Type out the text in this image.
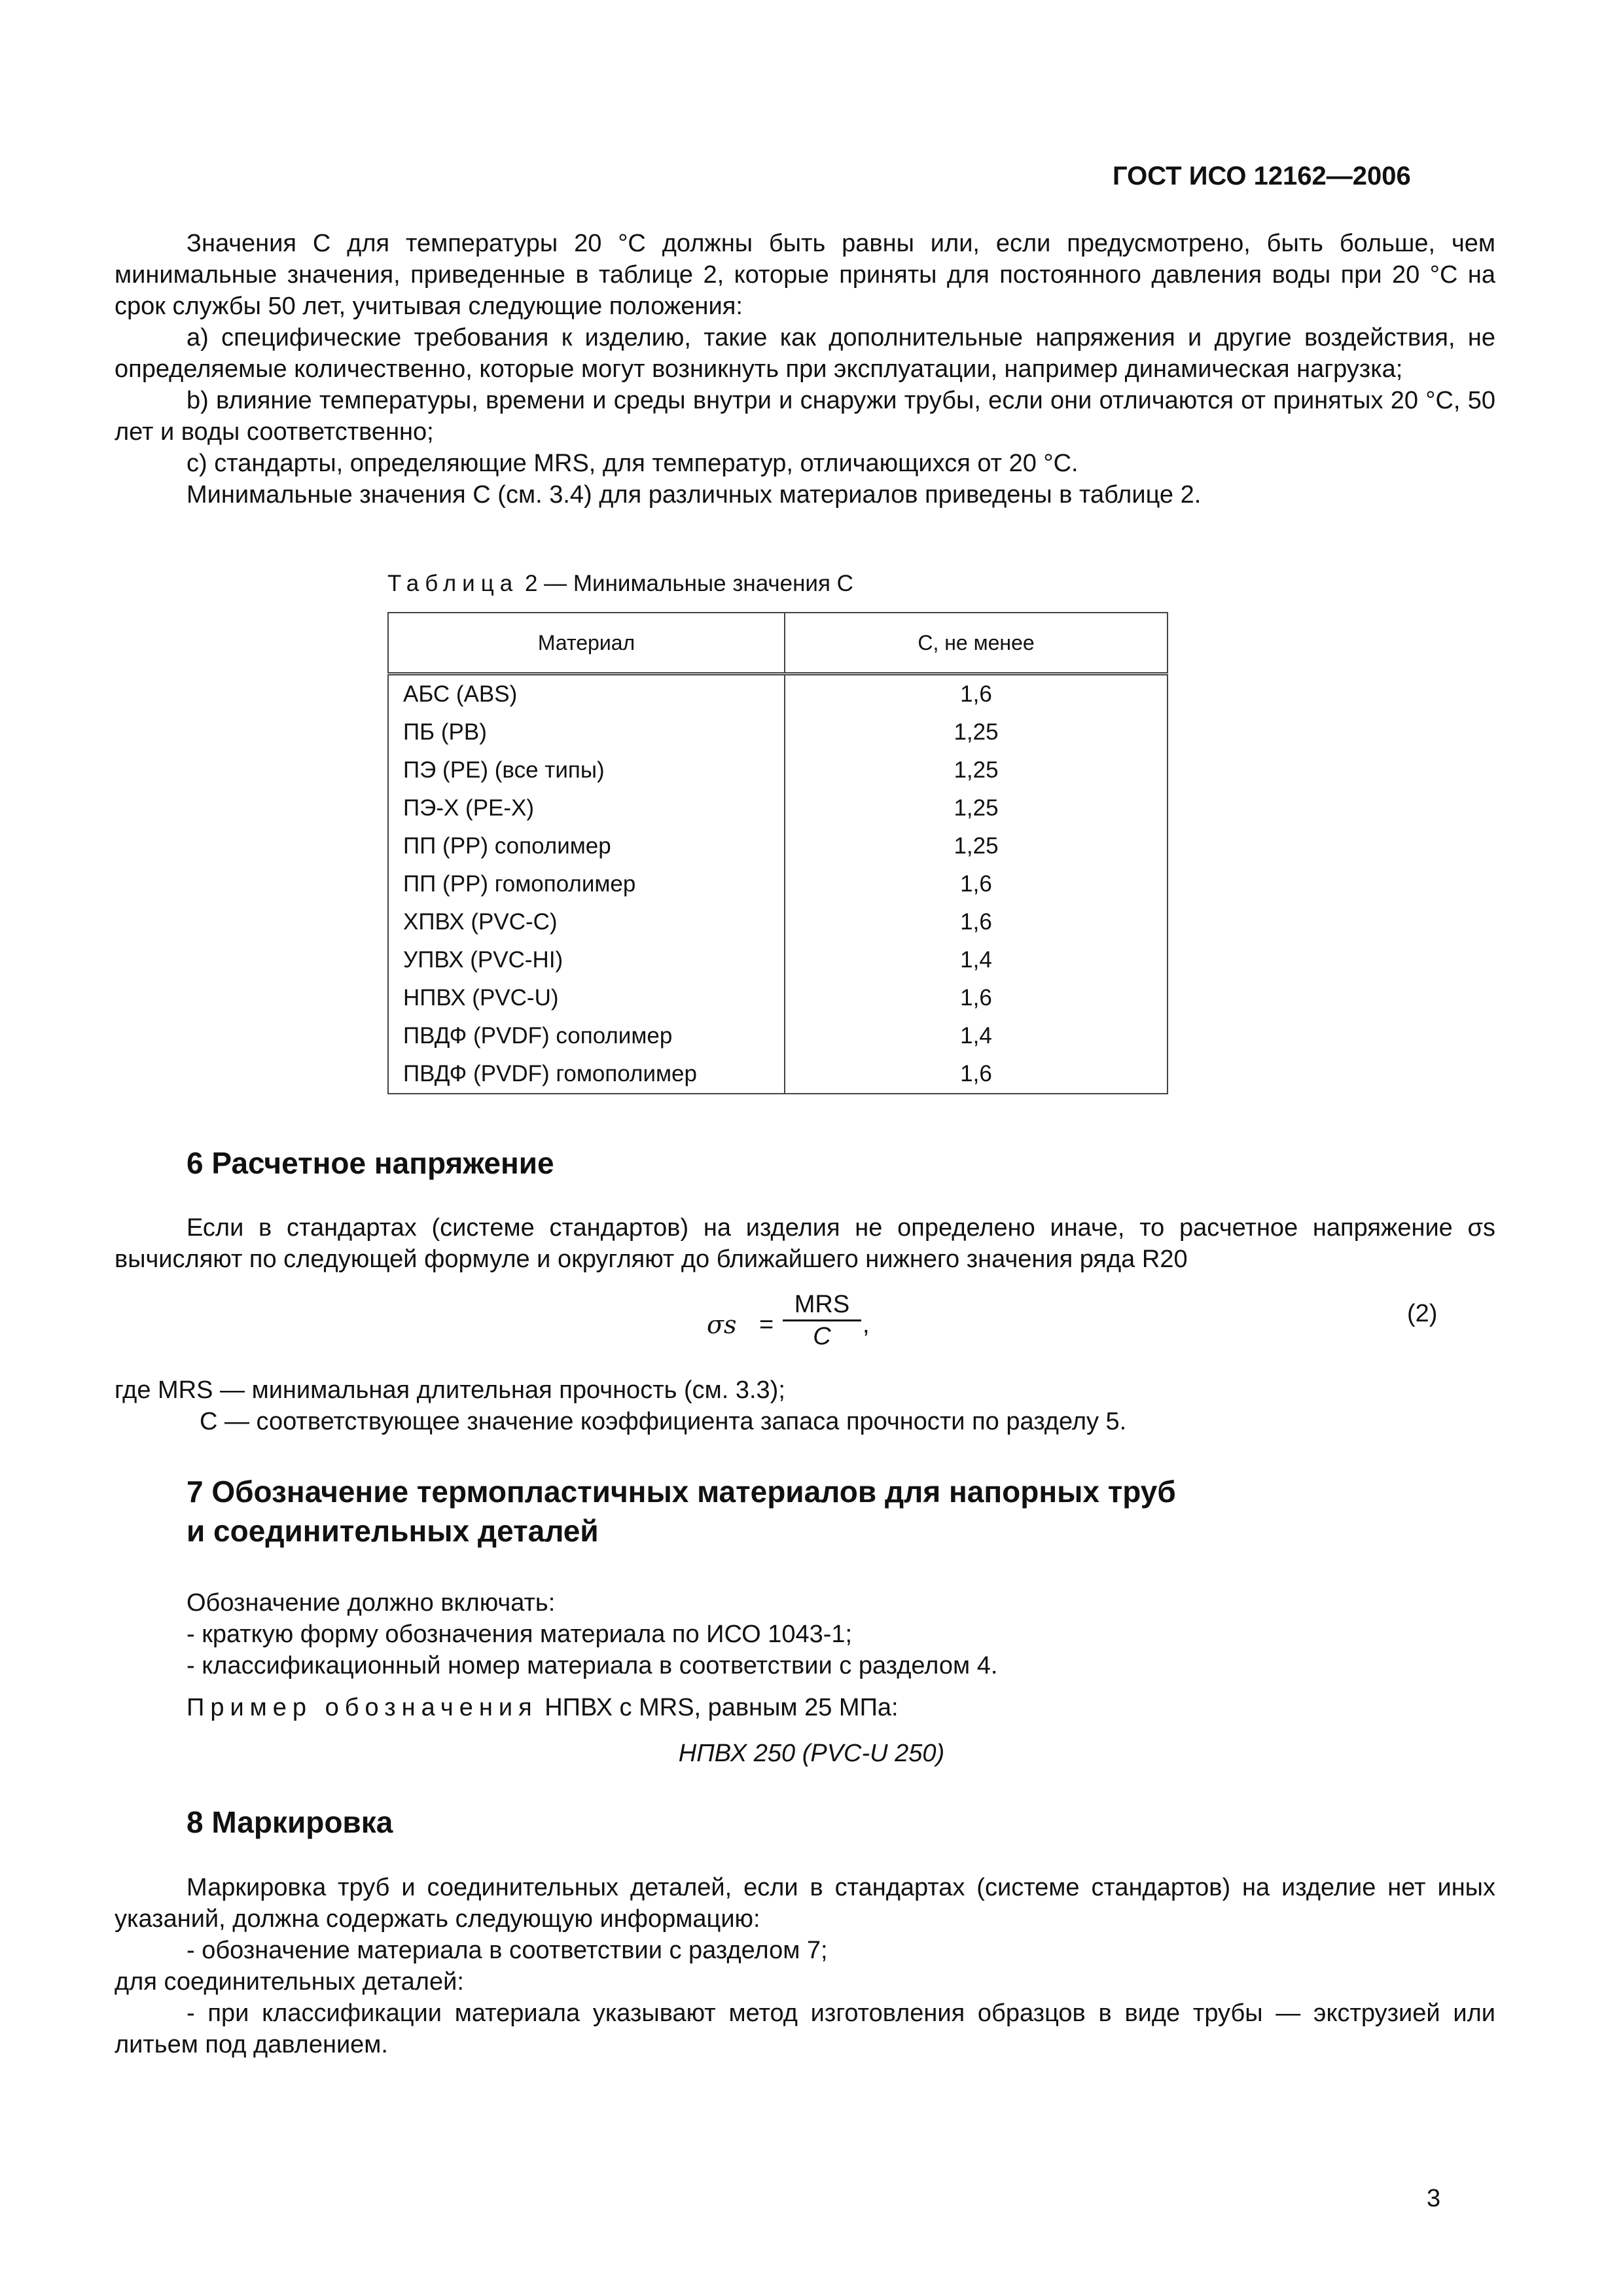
ГОСТ ИСО 12162—2006

Значения C для температуры 20 °C должны быть равны или, если предусмотрено, быть больше, чем минимальные значения, приведенные в таблице 2, которые приняты для постоянного давления воды при 20 °C на срок службы 50 лет, учитывая следующие положения:

a) специфические требования к изделию, такие как дополнительные напряжения и другие воздействия, не определяемые количественно, которые могут возникнуть при эксплуатации, например динамическая нагрузка;

b) влияние температуры, времени и среды внутри и снаружи трубы, если они отличаются от принятых 20 °C, 50 лет и воды соответственно;

c) стандарты, определяющие MRS, для температур, отличающихся от 20 °C.

Минимальные значения C (см. 3.4) для различных материалов приведены в таблице 2.

Таблица 2 — Минимальные значения C
Материал	C, не менее
АБС (ABS)	1,6
ПБ (PB)	1,25
ПЭ (PE) (все типы)	1,25
ПЭ-X (PE-X)	1,25
ПП (PP) сополимер	1,25
ПП (PP) гомополимер	1,6
ХПВХ (PVC-C)	1,6
УПВХ (PVC-HI)	1,4
НПВХ (PVC-U)	1,6
ПВДФ (PVDF) сополимер	1,4
ПВДФ (PVDF) гомополимер	1,6
6 Расчетное напряжение

Если в стандартах (системе стандартов) на изделия не определено иначе, то расчетное напряжение σs вычисляют по следующей формуле и округляют до ближайшего нижнего значения ряда R20

σs =
MRS
C	,	(2)

где MRS — минимальная длительная прочность (см. 3.3);

C — соответствующее значение коэффициента запаса прочности по разделу 5.

7 Обозначение термопластичных материалов для напорных труб
и соединительных деталей

Обозначение должно включать:

- краткую форму обозначения материала по ИСО 1043-1;

- классификационный номер материала в соответствии с разделом 4.

Пример обозначения НПВХ с MRS, равным 25 МПа:

НПВХ 250 (PVC-U 250)
8 Маркировка

Маркировка труб и соединительных деталей, если в стандартах (системе стандартов) на изделие нет иных указаний, должна содержать следующую информацию:

- обозначение материала в соответствии с разделом 7;

для соединительных деталей:

- при классификации материала указывают метод изготовления образцов в виде трубы — экструзией или литьем под давлением.

3
